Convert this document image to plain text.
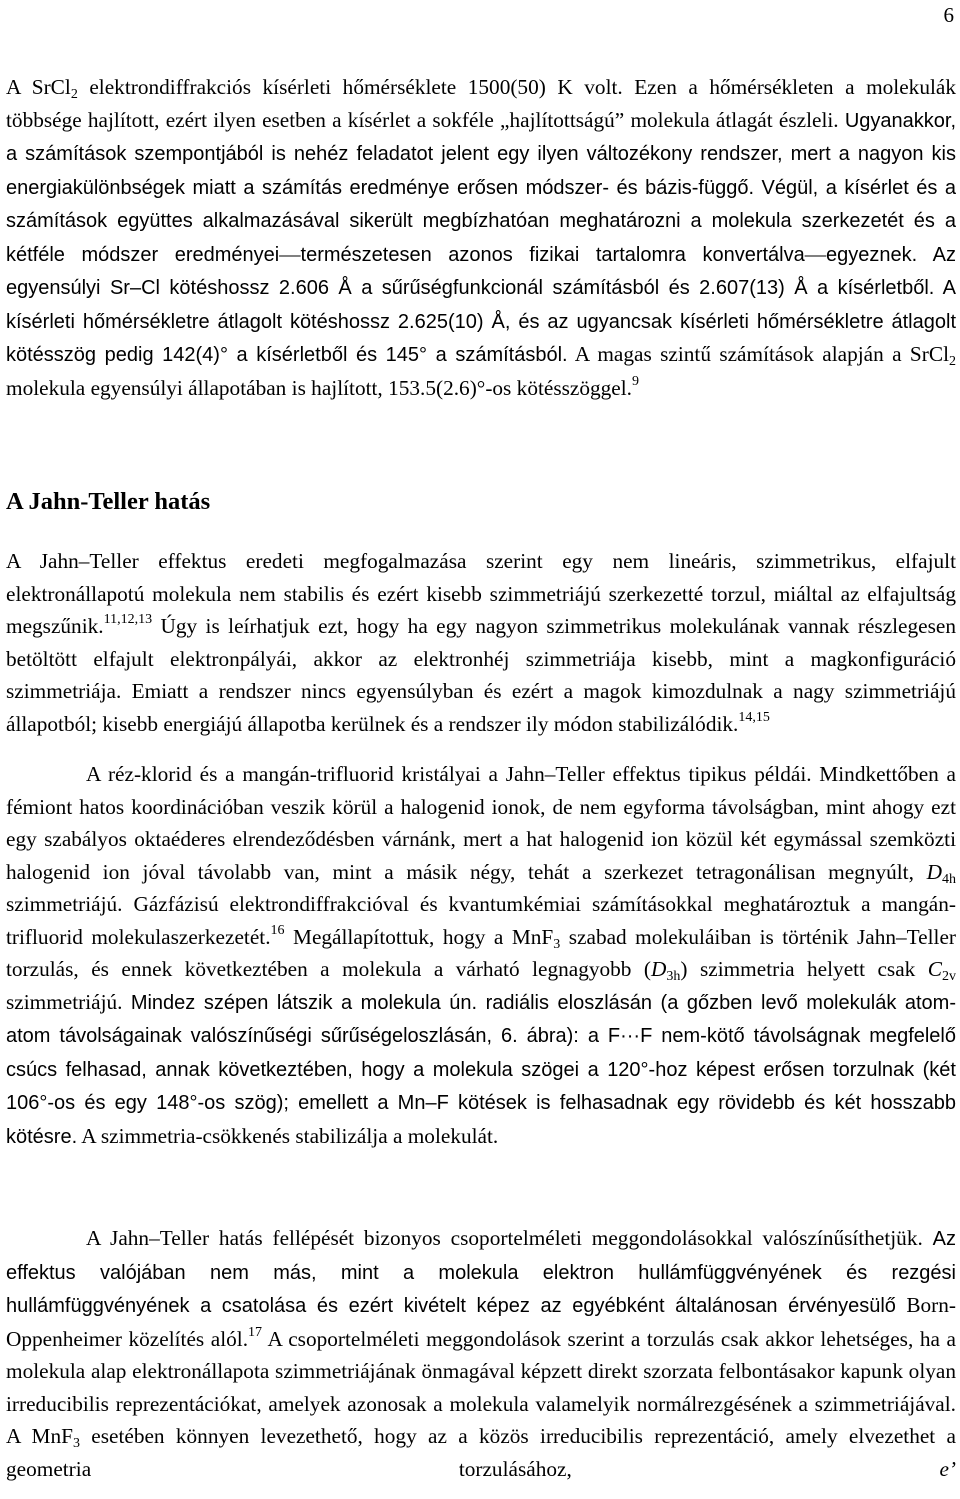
6

A SrCl$_2$ elektrondiffrakciós kísérleti hőmérséklete 1500(50) K volt. Ezen a hőmérsékleten a molekulák többsége hajlított, ezért ilyen esetben a kísérlet a sokféle „hajlítottságú” molekula átlagát észleli. Ugyanakkor, a számítások szempontjából is nehéz feladatot jelent egy ilyen változékony rendszer, mert a nagyon kis energiakülönbségek miatt a számítás eredménye erősen módszer- és bázis-függő. Végül, a kísérlet és a számítások együttes alkalmazásával sikerült megbízhatóan meghatározni a molekula szerkezetét és a kétféle módszer eredményei—természetesen azonos fizikai tartalomra konvertálva—egyeznek. Az egyensúlyi Sr–Cl kötéshossz 2.606 Å a sűrűségfunkcionál számításból és 2.607(13) Å a kísérletből. A kísérleti hőmérsékletre átlagolt kötéshossz 2.625(10) Å, és az ugyancsak kísérleti hőmérsékletre átlagolt kötésszög pedig 142(4)° a kísérletből és 145° a számításból. A magas szintű számítások alapján a SrCl$_2$ molekula egyensúlyi állapotában is hajlított, 153.5(2.6)°-os kötésszöggel.$^9$

A Jahn-Teller hatás

A Jahn–Teller effektus eredeti megfogalmazása szerint egy nem lineáris, szimmetrikus, elfajult elektronállapotú molekula nem stabilis és ezért kisebb szimmetriájú szerkezetté torzul, miáltal az elfajultság megszűnik.$^{11,12,13}$ Úgy is leírhatjuk ezt, hogy ha egy nagyon szimmetrikus molekulának vannak részlegesen betöltött elfajult elektronpályái, akkor az elektronhéj szimmetriája kisebb, mint a magkonfiguráció szimmetriája. Emiatt a rendszer nincs egyensúlyban és ezért a magok kimozdulnak a nagy szimmetriájú állapotból; kisebb energiájú állapotba kerülnek és a rendszer ily módon stabilizálódik.$^{14,15}$

A réz-klorid és a mangán-trifluorid kristályai a Jahn–Teller effektus tipikus példái. Mindkettőben a fémiont hatos koordinációban veszik körül a halogenid ionok, de nem egyforma távolságban, mint ahogy ezt egy szabályos oktaéderes elrendeződésben várnánk, mert a hat halogenid ion közül két egymással szemközti halogenid ion jóval távolabb van, mint a másik négy, tehát a szerkezet tetragonálisan megnyúlt, $D_{4h}$ szimmetriájú. Gázfázisú elektrondiffrakcióval és kvantumkémiai számításokkal meghatároztuk a mangán-trifluorid molekulaszerkezetét.$^{16}$ Megállapítottuk, hogy a MnF$_3$ szabad molekuláiban is történik Jahn–Teller torzulás, és ennek következtében a molekula a várható legnagyobb $(D_{3h})$ szimmetria helyett csak $C_{2v}$ szimmetriájú. Mindez szépen látszik a molekula ún. radiális eloszlásán (a gőzben levő molekulák atom-atom távolságainak valószínűségi sűrűségeloszlásán, 6. ábra): a F···F nem-kötő távolságnak megfelelő csúcs felhasad, annak következtében, hogy a molekula szögei a 120°-hoz képest erősen torzulnak (két 106°-os és egy 148°-os szög); emellett a Mn–F kötések is felhasadnak egy rövidebb és két hosszabb kötésre. A szimmetria-csökkenés stabilizálja a molekulát.

A Jahn–Teller hatás fellépését bizonyos csoportelméleti meggondolásokkal valószínűsíthetjük. Az effektus valójában nem más, mint a molekula elektron hullámfüggvényének és rezgési hullámfüggvényének a csatolása és ezért kivételt képez az egyébként általánosan érvényesülő Born-Oppenheimer közelítés alól.$^{17}$ A csoportelméleti meggondolások szerint a torzulás csak akkor lehetséges, ha a molekula alap elektronállapota szimmetriájának önmagával képzett direkt szorzata felbontásakor kapunk olyan irreducibilis reprezentációkat, amelyek azonosak a molekula valamelyik normálrezgésének a szimmetriájával. A MnF$_3$ esetében könnyen levezethető, hogy az a közös irreducibilis reprezentáció, amely elvezethet a geometria torzulásához, e’
